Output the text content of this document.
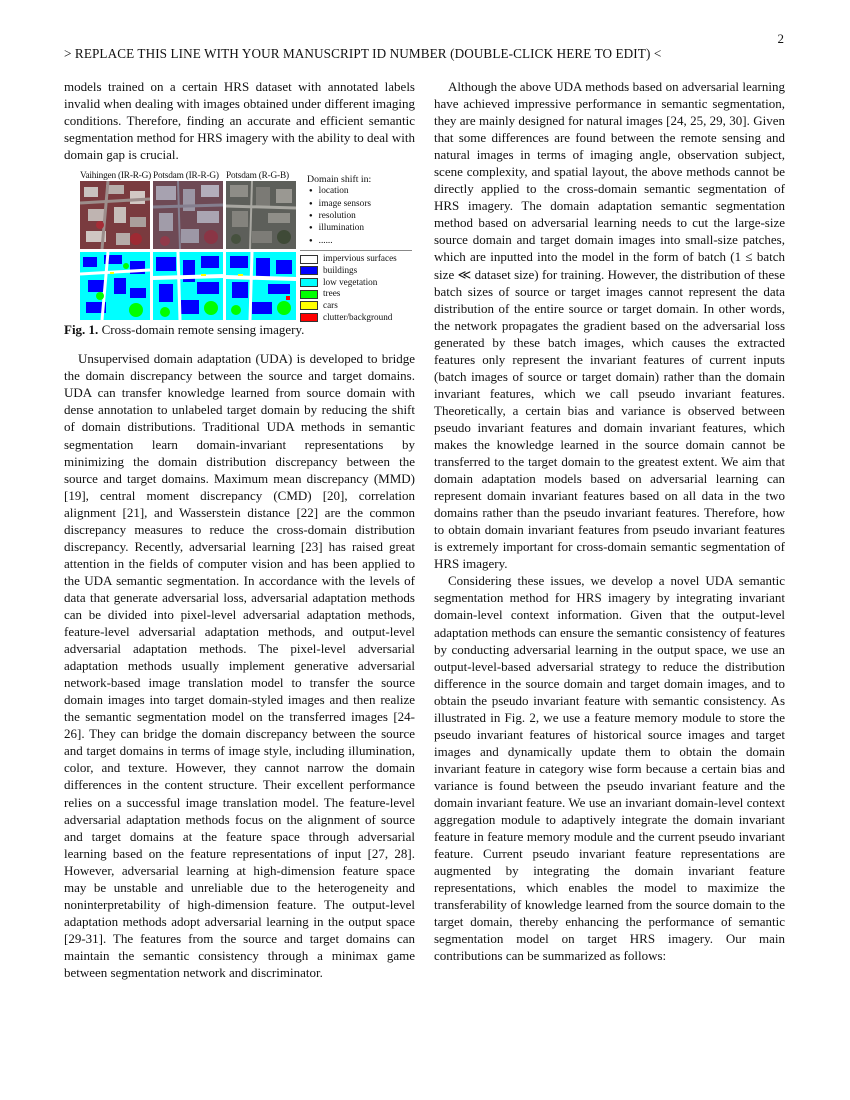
2
> REPLACE THIS LINE WITH YOUR MANUSCRIPT ID NUMBER (DOUBLE-CLICK HERE TO EDIT) <

models trained on a certain HRS dataset with annotated labels invalid when dealing with images obtained under different imaging conditions. Therefore, finding an accurate and efficient semantic segmentation method for HRS imagery with the ability to deal with domain gap is crucial.

Vaihingen (IR-R-G) Potsdam (IR-R-G) Potsdam (R-G-B) Domain shift in:
● location
● image sensors
● resolution
● illumination
● ......
impervious surfaces
buildings
low vegetation
trees
cars
clutter/background

Fig. 1. Cross-domain remote sensing imagery.

Unsupervised domain adaptation (UDA) is developed to bridge the domain discrepancy between the source and target domains. UDA can transfer knowledge learned from source domain with dense annotation to unlabeled target domain by reducing the shift of domain distributions. Traditional UDA methods in semantic segmentation learn domain-invariant representations by minimizing the domain distribution discrepancy between the source and target domains. Maximum mean discrepancy (MMD) [19], central moment discrepancy (CMD) [20], correlation alignment [21], and Wasserstein distance [22] are the common discrepancy measures to reduce the cross-domain distribution discrepancy. Recently, adversarial learning [23] has raised great attention in the fields of computer vision and has been applied to the UDA semantic segmentation. In accordance with the levels of data that generate adversarial loss, adversarial adaptation methods can be divided into pixel-level adversarial adaptation methods, feature-level adversarial adaptation methods, and output-level adversarial adaptation methods. The pixel-level adversarial adaptation methods usually implement generative adversarial network-based image translation model to transfer the source domain images into target domain-styled images and then realize the semantic segmentation model on the transferred images [24-26]. They can bridge the domain discrepancy between the source and target domains in terms of image style, including illumination, color, and texture. However, they cannot narrow the domain differences in the content structure. Their excellent performance relies on a successful image translation model. The feature-level adversarial adaptation methods focus on the alignment of source and target domains at the feature space through adversarial learning based on the feature representations of input [27, 28]. However, adversarial learning at high-dimension feature space may be unstable and unreliable due to the heterogeneity and noninterpretability of high-dimension feature. The output-level adaptation methods adopt adversarial learning in the output space [29-31]. The features from the source and target domains can maintain the semantic consistency through a minimax game between segmentation network and discriminator.

Although the above UDA methods based on adversarial learning have achieved impressive performance in semantic segmentation, they are mainly designed for natural images [24, 25, 29, 30]. Given that some differences are found between the remote sensing and natural images in terms of imaging angle, observation subject, scene complexity, and spatial layout, the above methods cannot be directly applied to the cross-domain semantic segmentation of HRS imagery. The domain adaptation semantic segmentation method based on adversarial learning needs to cut the large-size source domain and target domain images into small-size patches, which are inputted into the model in the form of batch (1 ≤ batch size ≪ dataset size) for training. However, the distribution of these batch sizes of source or target images cannot represent the data distribution of the entire source or target domain. In other words, the network propagates the gradient based on the adversarial loss generated by these batch images, which causes the extracted features only represent the invariant features of current inputs (batch images of source or target domain) rather than the domain invariant features, which we call pseudo invariant features. Theoretically, a certain bias and variance is observed between pseudo invariant features and domain invariant features, which makes the knowledge learned in the source domain cannot be transferred to the target domain to the greatest extent. We aim that domain adaptation models based on adversarial learning can represent domain invariant features based on all data in the two domains rather than the pseudo invariant features. Therefore, how to obtain domain invariant features from pseudo invariant features is extremely important for cross-domain semantic segmentation of HRS imagery.

Considering these issues, we develop a novel UDA semantic segmentation method for HRS imagery by integrating invariant domain-level context information. Given that the output-level adaptation methods can ensure the semantic consistency of features by conducting adversarial learning in the output space, we use an output-level-based adversarial strategy to reduce the distribution difference in the source domain and target domain images, and to obtain the pseudo invariant feature with semantic consistency. As illustrated in Fig. 2, we use a feature memory module to store the pseudo invariant features of historical source images and target images and dynamically update them to obtain the domain invariant feature in category wise form because a certain bias and variance is found between the pseudo invariant feature and the domain invariant feature. We use an invariant domain-level context aggregation module to adaptively integrate the domain invariant feature in feature memory module and the current pseudo invariant feature. Current pseudo invariant feature representations are augmented by integrating the domain invariant feature representations, which enables the model to maximize the transferability of knowledge learned from the source domain to the target domain, thereby enhancing the performance of semantic segmentation model on target HRS imagery. Our main contributions can be summarized as follows:
